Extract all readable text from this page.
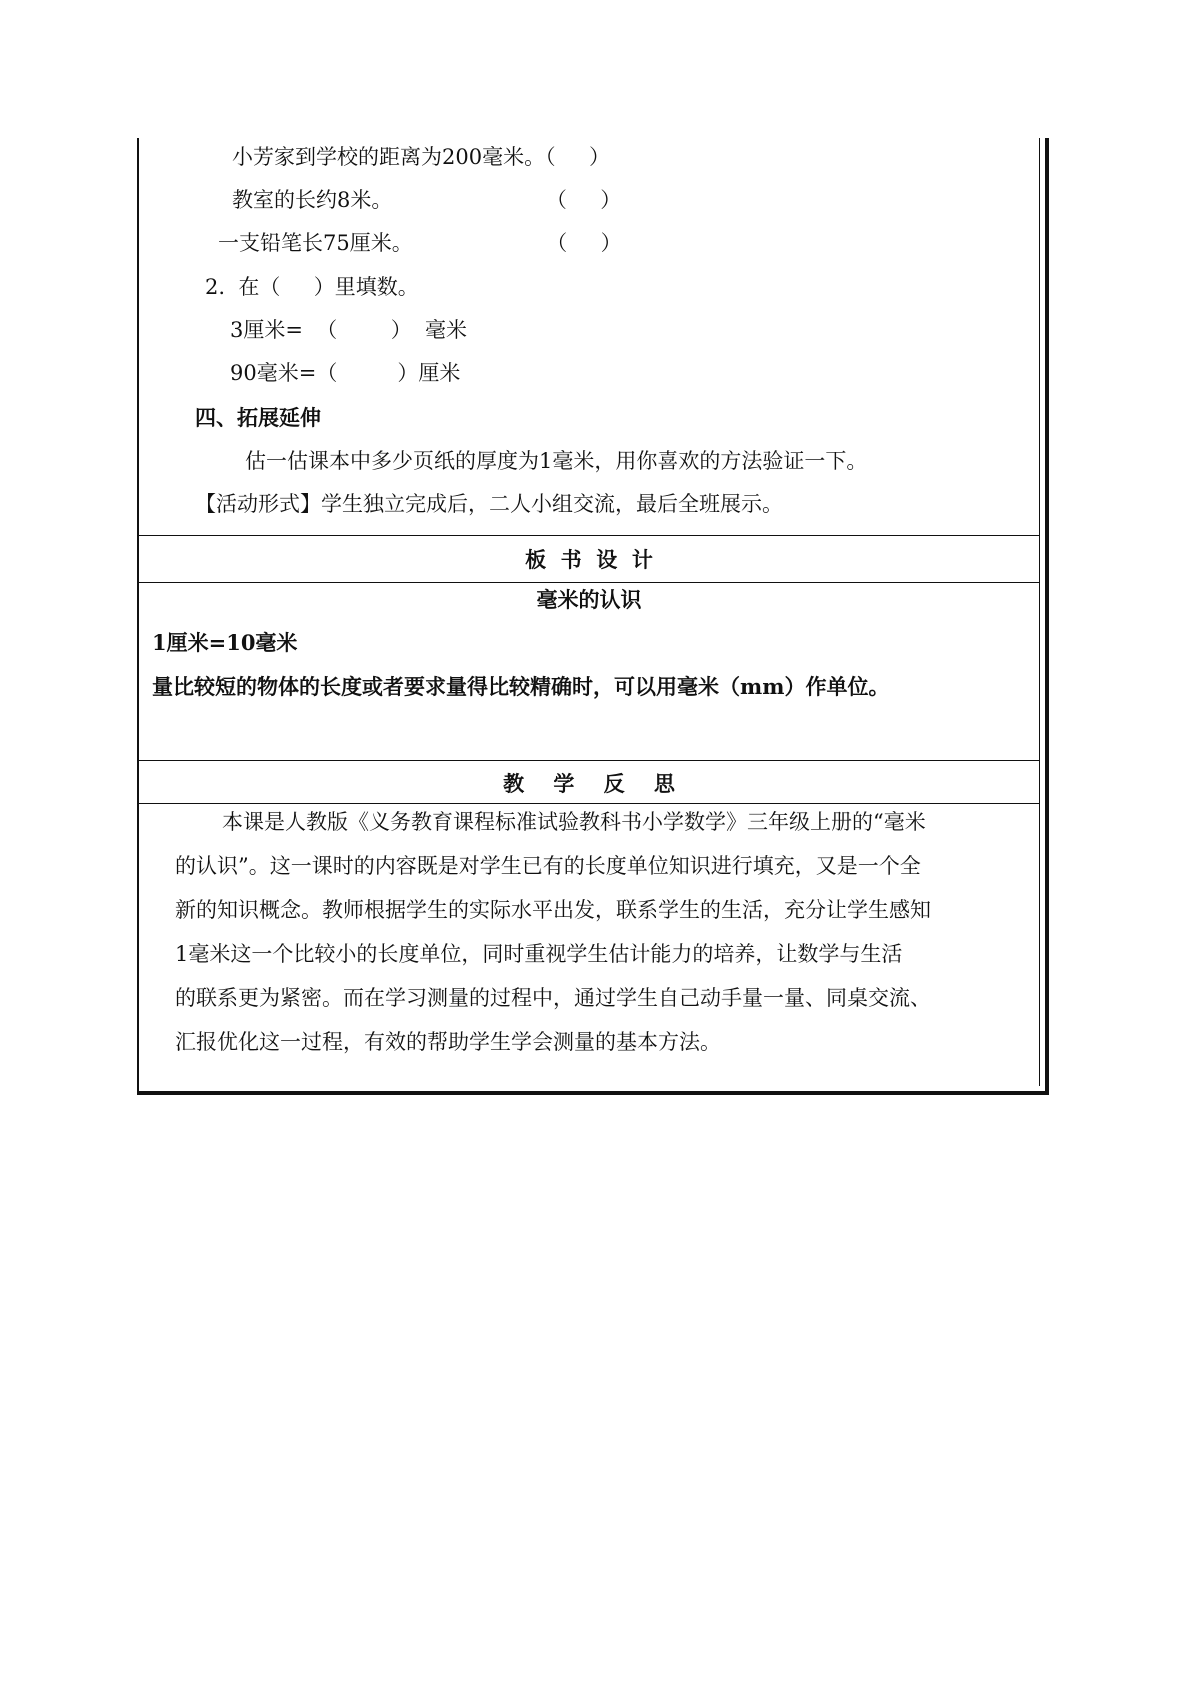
小芳家到学校的距离为200毫米。（     ）
教室的长约8米。                       （     ）
一支铅笔长75厘米。                    （     ）
2.  在（     ）里填数。
3厘米=  （        ）  毫米
90毫米=（         ）厘米
四、拓展延伸
估一估课本中多少页纸的厚度为1毫米，用你喜欢的方法验证一下。
【活动形式】学生独立完成后，二人小组交流，最后全班展示。
板  书  设  计
毫米的认识
1厘米=10毫米
量比较短的物体的长度或者要求量得比较精确时，可以用毫米（mm）作单位。
教    学    反    思
本课是人教版《义务教育课程标准试验教科书小学数学》三年级上册的“毫米
的认识”。这一课时的内容既是对学生已有的长度单位知识进行填充，又是一个全
新的知识概念。教师根据学生的实际水平出发，联系学生的生活，充分让学生感知
1毫米这一个比较小的长度单位，同时重视学生估计能力的培养，让数学与生活
的联系更为紧密。而在学习测量的过程中，通过学生自己动手量一量、同桌交流、
汇报优化这一过程，有效的帮助学生学会测量的基本方法。
